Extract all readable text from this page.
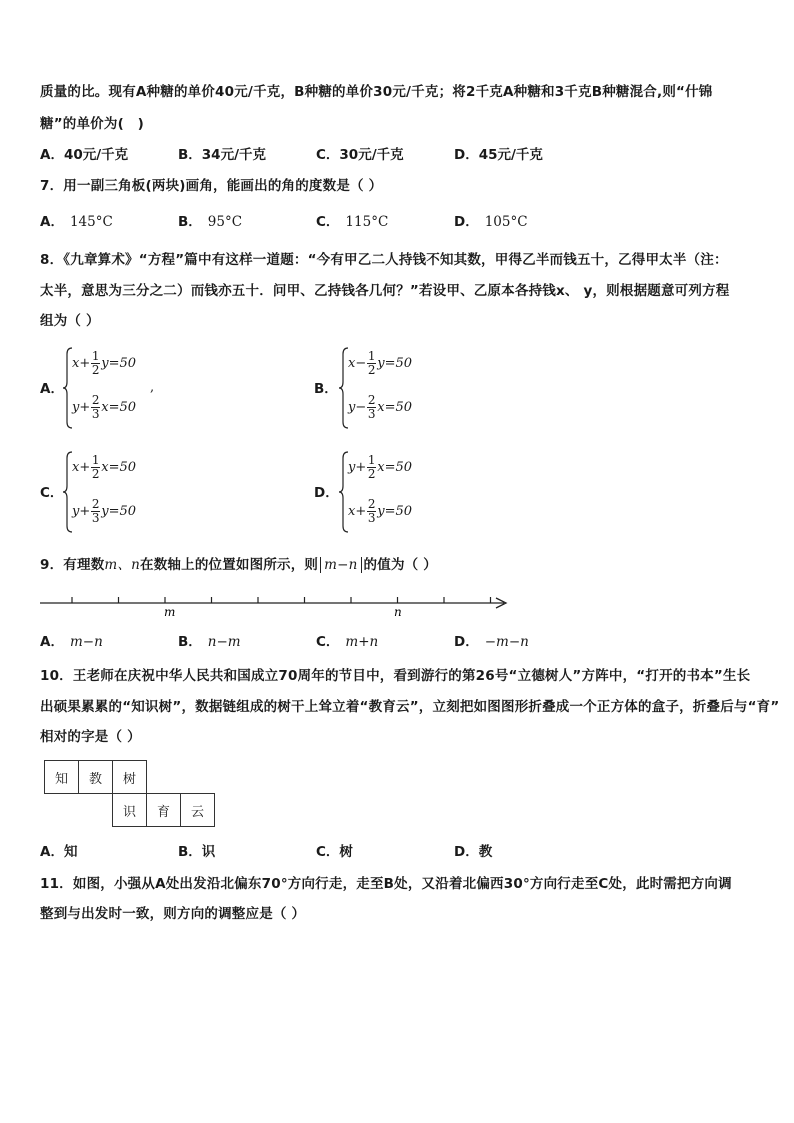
质量的比。现有A种糖的单价40元/千克，B种糖的单价30元/千克；将2千克A种糖和3千克B种糖混合,则“什锦
糖”的单价为(　)
A．40元/千克	B．34元/千克	C．30元/千克	D．45元/千克
7．用一副三角板(两块)画角，能画出的角的度数是（ ）
A． 145°C	B． 95°C	C． 115°C	D． 105°C
8．《九章算术》“方程”篇中有这样一道题：“今有甲乙二人持钱不知其数，甲得乙半而钱五十，乙得甲太半（注：
太半，意思为三分之二）而钱亦五十．问甲、乙持钱各几何？”若设甲、乙原本各持钱x、 y，则根据题意可列方程
组为（ ）
A．
$x+ \frac{1}{2} y=50$
$y+ \frac{2}{3} x=50$
,	B．
$x- \frac{1}{2} y=50$
$y- \frac{2}{3} x=50$
C．
$x+ \frac{1}{2} x=50$
$y+ \frac{2}{3} y=50$
D．
$y+ \frac{1}{2} x=50$
$x+ \frac{2}{3} y=50$
9．有理数m、n在数轴上的位置如图所示，则 m−n 的值为（ ）
m	n
A． m−n	B． n−m	C． m+n	D． −m−n
10．王老师在庆祝中华人民共和国成立70周年的节目中，看到游行的第26号“立德树人”方阵中，“打开的书本”生长
出硕果累累的“知识树”，数据链组成的树干上耸立着“教育云”，立刻把如图图形折叠成一个正方体的盒子，折叠后与“育”
相对的字是（ ）
知	教	树
识	育	云
A．知	B．识	C．树	D．教
11．如图，小强从A处出发沿北偏东70°方向行走，走至B处，又沿着北偏西30°方向行走至C处，此时需把方向调
整到与出发时一致，则方向的调整应是（ ）
